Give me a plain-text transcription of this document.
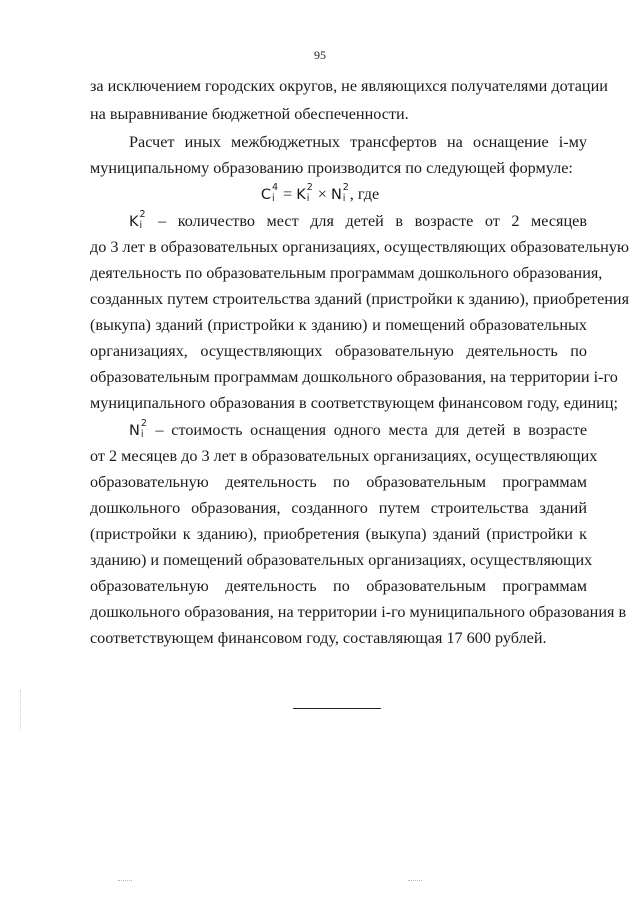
95
за исключением городских округов, не являющихся получателями дотации
на выравнивание бюджетной обеспеченности.
Расчет иных межбюджетных трансфертов на оснащение i-му
муниципальному образованию производится по следующей формуле:
C 4
i = K 2
i × N 2
i , где
K 2
i – количество мест для детей в возрасте от 2 месяцев
до 3 лет в образовательных организациях, осуществляющих образовательную
деятельность по образовательным программам дошкольного образования,
созданных путем строительства зданий (пристройки к зданию), приобретения
(выкупа) зданий (пристройки к зданию) и помещений образовательных
организациях, осуществляющих образовательную деятельность по
образовательным программам дошкольного образования, на территории i-го
муниципального образования в соответствующем финансовом году, единиц;
N 2
i – стоимость оснащения одного места для детей в возрасте
от 2 месяцев до 3 лет в образовательных организациях, осуществляющих
образовательную деятельность по образовательным программам
дошкольного образования, созданного путем строительства зданий
(пристройки к зданию), приобретения (выкупа) зданий (пристройки к
зданию) и помещений образовательных организациях, осуществляющих
образовательную деятельность по образовательным программам
дошкольного образования, на территории i-го муниципального образования в
соответствующем финансовом году, составляющая 17 600 рублей.
